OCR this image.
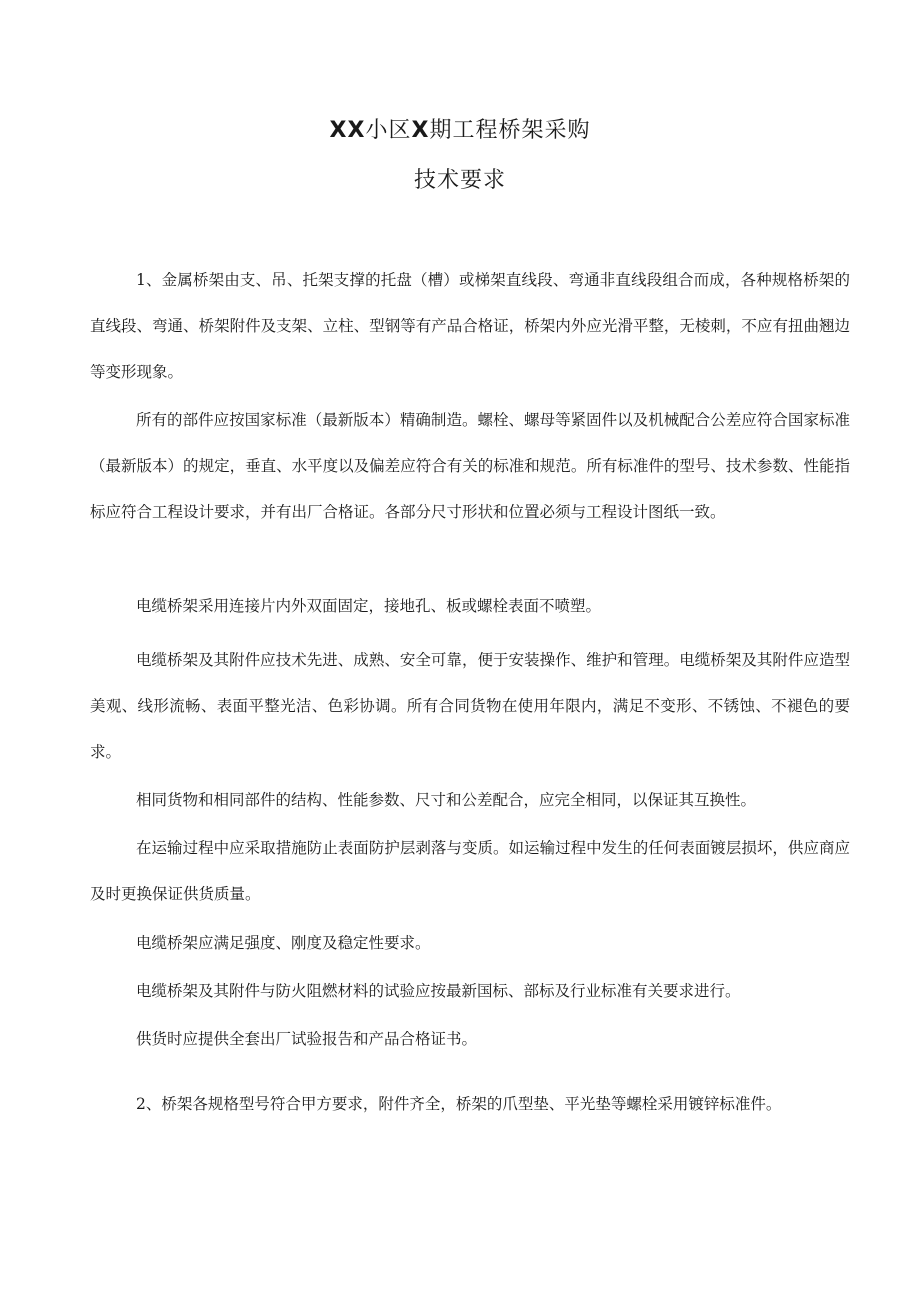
XX小区X期工程桥架采购
技术要求

1、金属桥架由支、吊、托架支撑的托盘（槽）或梯架直线段、弯通非直线段组合而成，各种规格桥架的直线段、弯通、桥架附件及支架、立柱、型钢等有产品合格证，桥架内外应光滑平整，无棱刺，不应有扭曲翘边等变形现象。

所有的部件应按国家标准（最新版本）精确制造。螺栓、螺母等紧固件以及机械配合公差应符合国家标准（最新版本）的规定，垂直、水平度以及偏差应符合有关的标准和规范。所有标准件的型号、技术参数、性能指标应符合工程设计要求，并有出厂合格证。各部分尺寸形状和位置必须与工程设计图纸一致。

电缆桥架采用连接片内外双面固定，接地孔、板或螺栓表面不喷塑。

电缆桥架及其附件应技术先进、成熟、安全可靠，便于安装操作、维护和管理。电缆桥架及其附件应造型美观、线形流畅、表面平整光洁、色彩协调。所有合同货物在使用年限内，满足不变形、不锈蚀、不褪色的要求。

相同货物和相同部件的结构、性能参数、尺寸和公差配合，应完全相同，以保证其互换性。

在运输过程中应采取措施防止表面防护层剥落与变质。如运输过程中发生的任何表面镀层损坏，供应商应及时更换保证供货质量。

电缆桥架应满足强度、刚度及稳定性要求。

电缆桥架及其附件与防火阻燃材料的试验应按最新国标、部标及行业标准有关要求进行。

供货时应提供全套出厂试验报告和产品合格证书。

2、桥架各规格型号符合甲方要求，附件齐全，桥架的爪型垫、平光垫等螺栓采用镀锌标准件。
